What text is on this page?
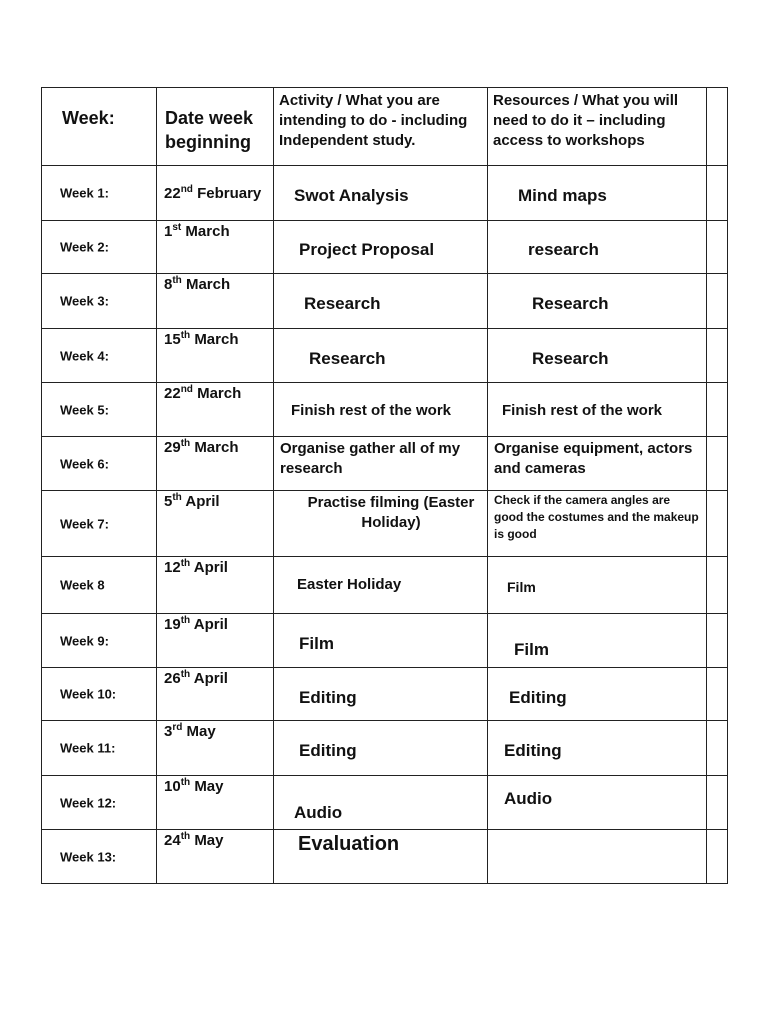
Week:	Date week beginning	Activity / What you are intending to do - including Independent study.	Resources / What you will need to do it – including access to workshops	

Week 1:	22nd February	Swot Analysis	Mind maps	

Week 2:	1st March	Project Proposal	research	

Week 3:	8th March	Research	Research	

Week 4:	15th March	Research	Research	

Week 5:	22nd March	Finish rest of the work	Finish rest of the work	

Week 6:	29th March	Organise gather all of my research	Organise equipment, actors and cameras	

Week 7:	5th April	Practise filming (Easter Holiday)	Check if the camera angles are good the costumes and the makeup is good	

Week 8	12th April	Easter Holiday	Film	

Week 9:	19th April	Film	Film	

Week 10:	26th April	Editing	Editing	

Week 11:	3rd May	Editing	Editing	

Week 12:	10th May	Audio	Audio	

Week 13:	24th May	Evaluation		
